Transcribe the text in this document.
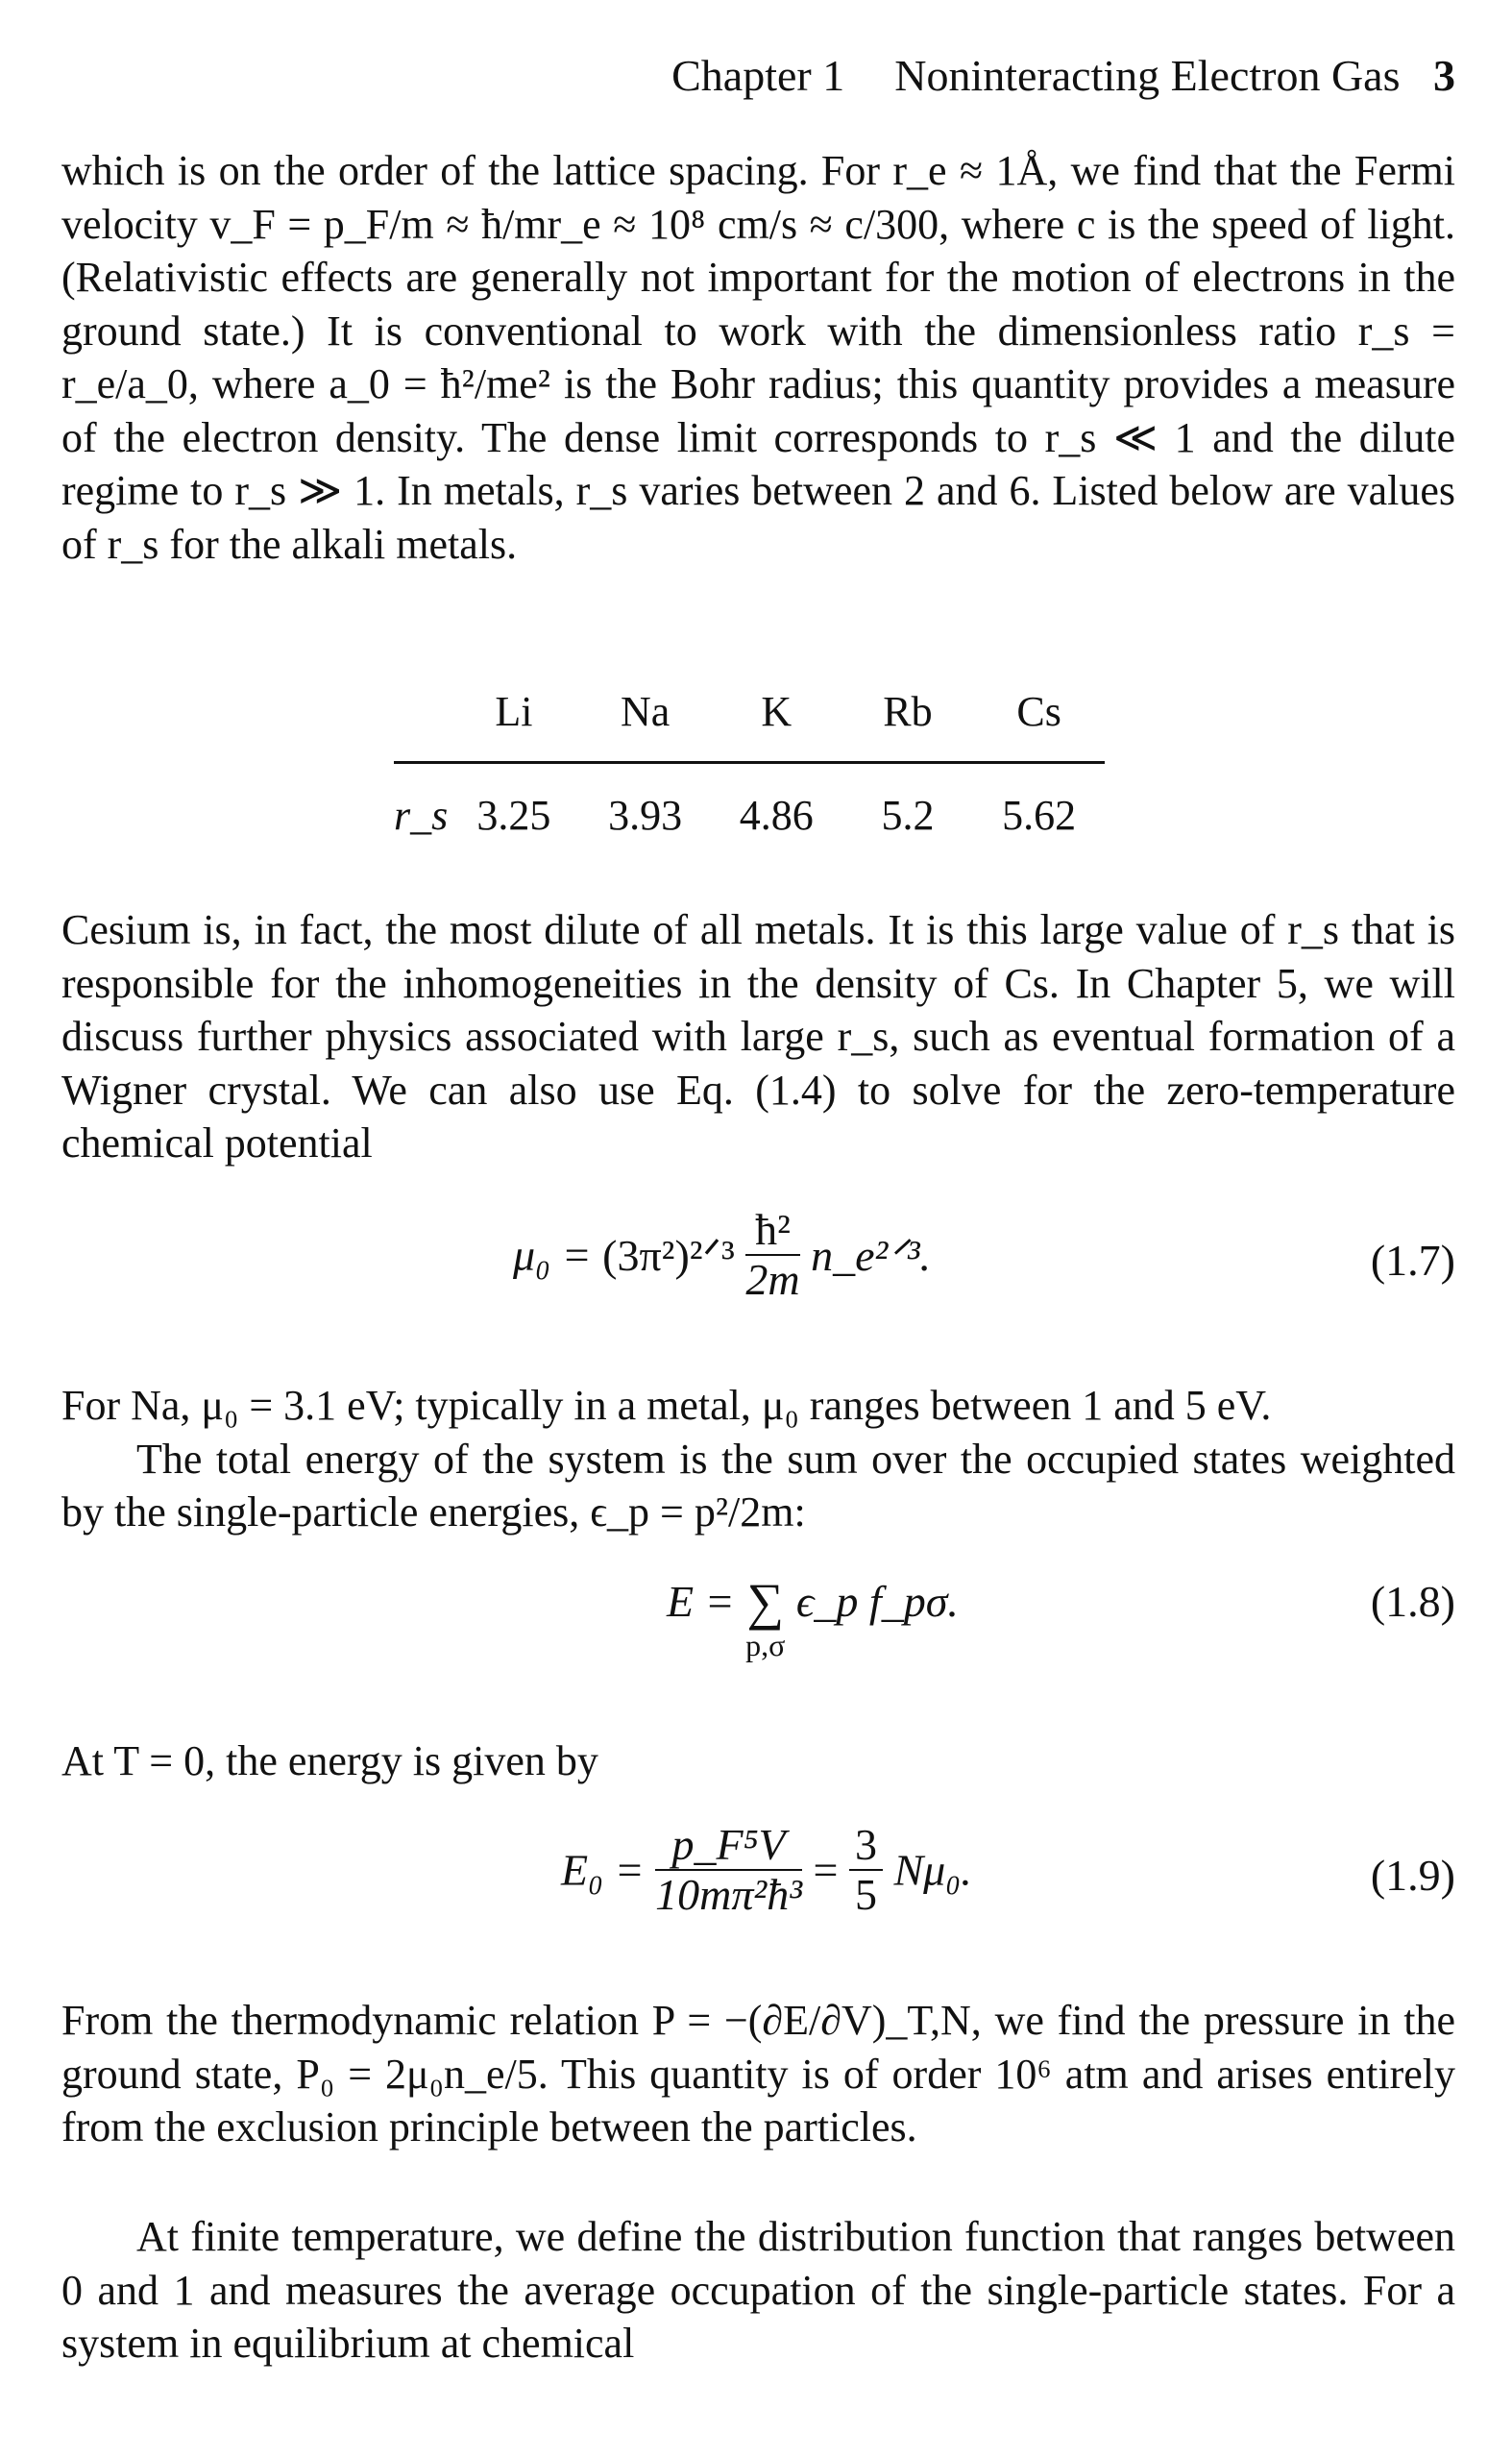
Chapter 1 Noninteracting Electron Gas 3
which is on the order of the lattice spacing. For r_e ≈ 1Å, we find that the Fermi velocity v_F = p_F/m ≈ ħ/mr_e ≈ 10⁸ cm/s ≈ c/300, where c is the speed of light. (Relativistic effects are generally not important for the motion of electrons in the ground state.) It is conventional to work with the dimensionless ratio r_s = r_e/a_0, where a_0 = ħ²/me² is the Bohr radius; this quantity provides a measure of the electron density. The dense limit corresponds to r_s ≪ 1 and the dilute regime to r_s ≫ 1. In metals, r_s varies between 2 and 6. Listed below are values of r_s for the alkali metals.
Li	Na	K	Rb	Cs
r_s 3.25	3.93	4.86	5.2	5.62
Cesium is, in fact, the most dilute of all metals. It is this large value of r_s that is responsible for the inhomogeneities in the density of Cs. In Chapter 5, we will discuss further physics associated with large r_s, such as eventual formation of a Wigner crystal. We can also use Eq. (1.4) to solve for the zero-temperature chemical potential
μ₀ = (3π²)²ᐟ³ $\frac{\text{ħ²}}{2m}$ n_e²ᐟ³.	(1.7)
For Na, μ₀ = 3.1 eV; typically in a metal, μ₀ ranges between 1 and 5 eV.
The total energy of the system is the sum over the occupied states weighted by the single-particle energies, ϵ_p = p²/2m:
E = ∑
p,σ
ϵ_p f_pσ.	(1.8)
At T = 0, the energy is given by
$E_0 = \frac{\text{p\_F⁵V}}{\text{10mπ²ħ³}} = \frac{3}{5} N\mu_0$.	(1.9)
From the thermodynamic relation P = −(∂E/∂V)_T,N, we find the pressure in the ground state, P₀ = 2μ₀n_e/5. This quantity is of order 10⁶ atm and arises entirely from the exclusion principle between the particles.
At finite temperature, we define the distribution function that ranges between 0 and 1 and measures the average occupation of the single-particle states. For a system in equilibrium at chemical
